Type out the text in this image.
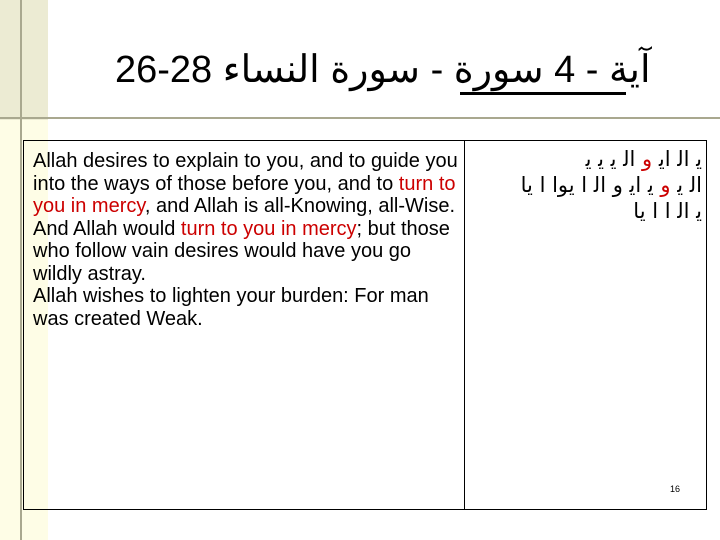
26-28	آية - 4 سورة - سورة النساء
Allah desires to explain to you, and to guide you into the ways of those before you, and to turn to you in mercy, and Allah is all-Knowing, all-Wise.
And Allah would turn to you in mercy; but those who follow vain desires would have you go wildly astray.
Allah wishes to lighten your burden: For man was created Weak.
ﻳ ﺍﻟ ﺍﻳ ﻭ ﺍﻟ ﻳ ﻳ ﻳ
ﺍﻟ ﻳ ﻭ ﻳ ﺍﻳ ﻭ ﺍﻟ ﺍ ﻳﻮﺍ ﺍ ﻳﺎ
ﻳ ﺍﻟ ﺍ ﺍ ﻳﺎ
16
